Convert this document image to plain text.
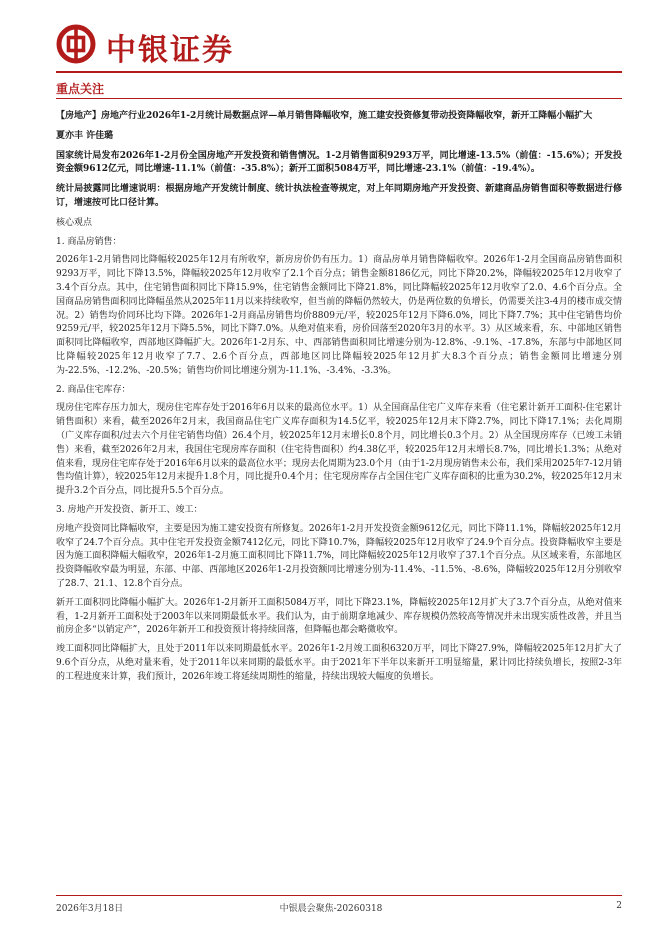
中银证券
重点关注

【房地产】房地产行业2026年1-2月统计局数据点评—单月销售降幅收窄，施工建安投资修复带动投资降幅收窄，新开工降幅小幅扩大

夏亦丰 许佳璐

国家统计局发布2026年1-2月份全国房地产开发投资和销售情况。1-2月销售面积9293万平，同比增速-13.5%（前值：-15.6%）；开发投资金额9612亿元，同比增速-11.1%（前值：-35.8%）；新开工面积5084万平，同比增速-23.1%（前值：-19.4%）。

统计局披露同比增速说明：根据房地产开发统计制度、统计执法检查等规定，对上年同期房地产开发投资、新建商品房销售面积等数据进行修订，增速按可比口径计算。

核心观点

1. 商品房销售：

2026年1-2月销售同比降幅较2025年12月有所收窄，新房房价仍有压力。1）商品房单月销售降幅收窄。2026年1-2月全国商品房销售面积9293万平，同比下降13.5%，降幅较2025年12月收窄了2.1个百分点；销售金额8186亿元，同比下降20.2%，降幅较2025年12月收窄了3.4个百分点。其中，住宅销售面积同比下降15.9%，住宅销售金额同比下降21.8%，同比降幅较2025年12月收窄了2.0、4.6个百分点。全国商品房销售面积同比降幅虽然从2025年11月以来持续收窄，但当前的降幅仍然较大，仍是两位数的负增长，仍需要关注3-4月的楼市成交情况。2）销售均价同环比均下降。2026年1-2月商品房销售均价8809元/平，较2025年12月下降6.0%，同比下降7.7%；其中住宅销售均价9259元/平，较2025年12月下降5.5%，同比下降7.0%。从绝对值来看，房价回落至2020年3月的水平。3）从区域来看，东、中部地区销售面积同比降幅收窄，西部地区降幅扩大。2026年1-2月东、中、西部销售面积同比增速分别为-12.8%、-9.1%、-17.8%，东部与中部地区同比降幅较2025年12月收窄了7.7、2.6个百分点，西部地区同比降幅较2025年12月扩大8.3个百分点；销售金额同比增速分别为-22.5%、-12.2%、-20.5%；销售均价同比增速分别为-11.1%、-3.4%、-3.3%。

2. 商品住宅库存：

现房住宅库存压力加大，现房住宅库存处于2016年6月以来的最高位水平。1）从全国商品住宅广义库存来看（住宅累计新开工面积-住宅累计销售面积）来看，截至2026年2月末，我国商品住宅广义库存面积为14.5亿平，较2025年12月末下降2.7%，同比下降17.1%；去化周期（广义库存面积/过去六个月住宅销售均值）26.4个月，较2025年12月末增长0.8个月，同比增长0.3个月。2）从全国现房库存（已竣工未销售）来看，截至2026年2月末，我国住宅现房库存面积（住宅待售面积）约4.38亿平，较2025年12月末增长8.7%，同比增长1.3%；从绝对值来看，现房住宅库存处于2016年6月以来的最高位水平；现房去化周期为23.0个月（由于1-2月现房销售未公布，我们采用2025年7-12月销售均值计算），较2025年12月末提升1.8个月，同比提升0.4个月；住宅现房库存占全国住宅广义库存面积的比重为30.2%，较2025年12月末提升3.2个百分点，同比提升5.5个百分点。

3. 房地产开发投资、新开工、竣工：

房地产投资同比降幅收窄，主要是因为施工建安投资有所修复。2026年1-2月开发投资金额9612亿元，同比下降11.1%，降幅较2025年12月收窄了24.7个百分点。其中住宅开发投资金额7412亿元，同比下降10.7%，降幅较2025年12月收窄了24.9个百分点。投资降幅收窄主要是因为施工面积降幅大幅收窄，2026年1-2月施工面积同比下降11.7%，同比降幅较2025年12月收窄了37.1个百分点。从区域来看，东部地区投资降幅收窄最为明显，东部、中部、西部地区2026年1-2月投资额同比增速分别为-11.4%、-11.5%、-8.6%，降幅较2025年12月分别收窄了28.7、21.1、12.8个百分点。

新开工面积同比降幅小幅扩大。2026年1-2月新开工面积5084万平，同比下降23.1%，降幅较2025年12月扩大了3.7个百分点，从绝对值来看，1-2月新开工面积处于2003年以来同期最低水平。我们认为，由于前期拿地减少、库存规模仍然较高等情况并未出现实质性改善，并且当前房企多“以销定产”，2026年新开工和投资预计将持续回落，但降幅也都会略微收窄。

竣工面积同比降幅扩大，且处于2011年以来同期最低水平。2026年1-2月竣工面积6320万平，同比下降27.9%，降幅较2025年12月扩大了9.6个百分点，从绝对量来看，处于2011年以来同期的最低水平。由于2021年下半年以来新开工明显缩量，累计同比持续负增长，按照2-3年的工程进度来计算，我们预计，2026年竣工将延续周期性的缩量，持续出现较大幅度的负增长。

2026年3月18日	中银晨会聚焦-20260318	2
